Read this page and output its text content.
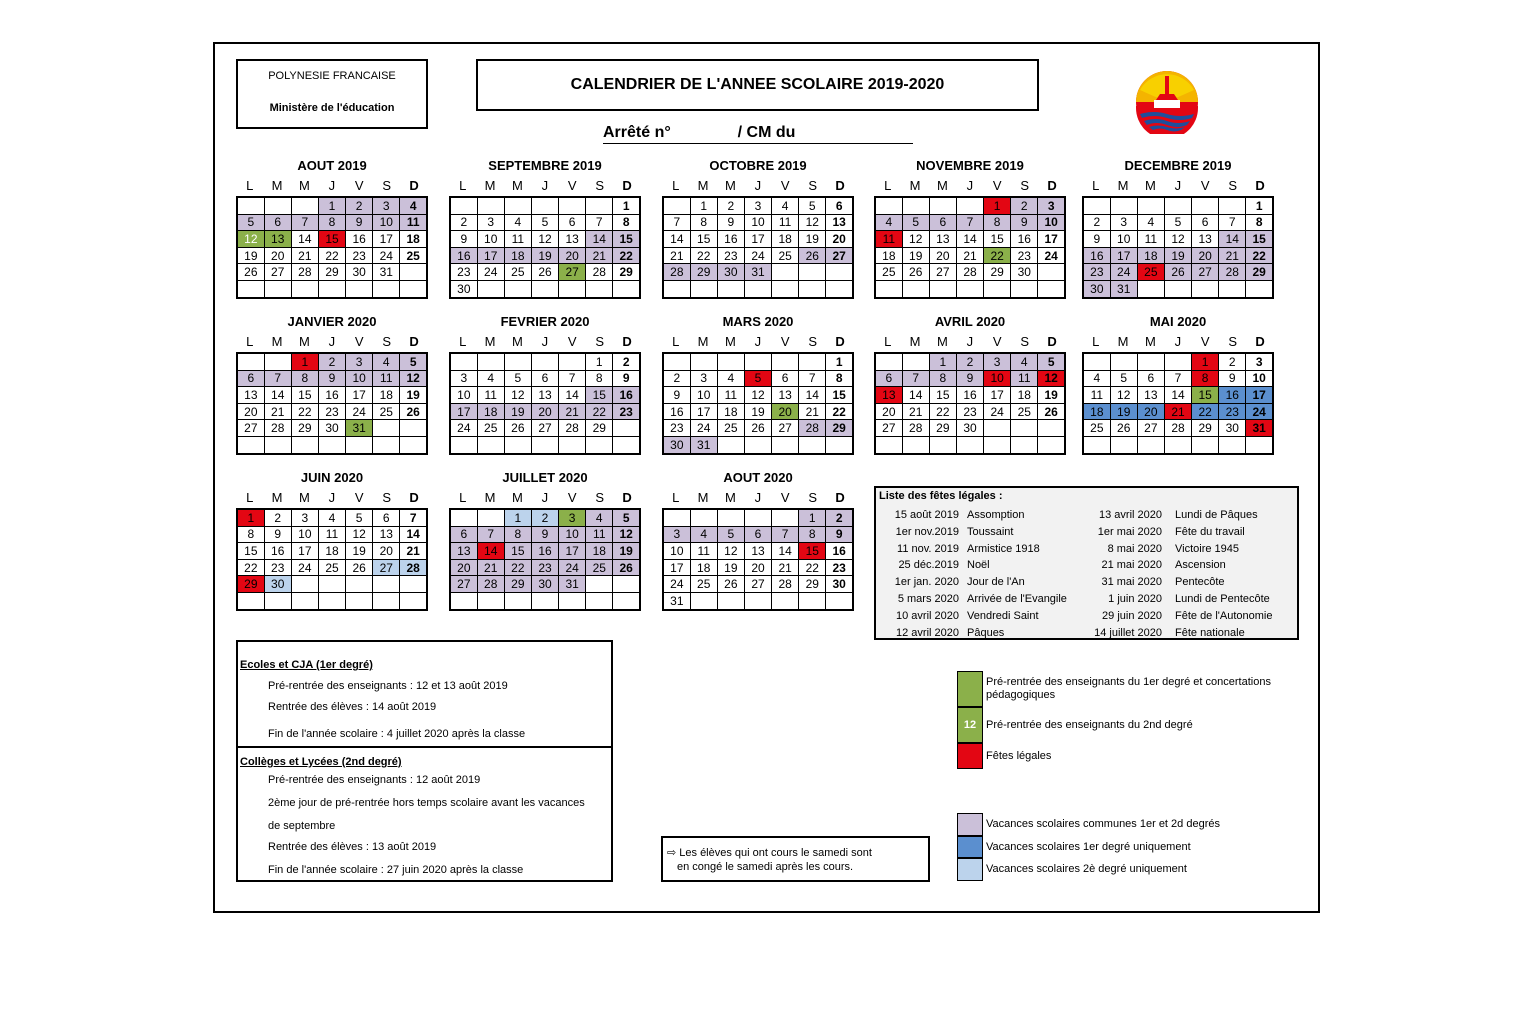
POLYNESIE FRANCAISE
Ministère de l'éducation
CALENDRIER DE L'ANNEE SCOLAIRE 2019-2020
Arrêté n°	/ CM du
AOUT 2019
L	M	M	J	V	S	D
			1	2	3	4
5	6	7	8	9	10	11
12	13	14	15	16	17	18
19	20	21	22	23	24	25
26	27	28	29	30	31	

SEPTEMBRE 2019
L	M	M	J	V	S	D
						1
2	3	4	5	6	7	8
9	10	11	12	13	14	15
16	17	18	19	20	21	22
23	24	25	26	27	28	29
30						
OCTOBRE 2019
L	M	M	J	V	S	D
	1	2	3	4	5	6
7	8	9	10	11	12	13
14	15	16	17	18	19	20
21	22	23	24	25	26	27
28	29	30	31			

NOVEMBRE 2019
L	M	M	J	V	S	D
				1	2	3
4	5	6	7	8	9	10
11	12	13	14	15	16	17
18	19	20	21	22	23	24
25	26	27	28	29	30	

DECEMBRE 2019
L	M	M	J	V	S	D
						1
2	3	4	5	6	7	8
9	10	11	12	13	14	15
16	17	18	19	20	21	22
23	24	25	26	27	28	29
30	31					
JANVIER 2020
L	M	M	J	V	S	D
		1	2	3	4	5
6	7	8	9	10	11	12
13	14	15	16	17	18	19
20	21	22	23	24	25	26
27	28	29	30	31		

FEVRIER 2020
L	M	M	J	V	S	D
					1	2
3	4	5	6	7	8	9
10	11	12	13	14	15	16
17	18	19	20	21	22	23
24	25	26	27	28	29	

MARS 2020
L	M	M	J	V	S	D
						1
2	3	4	5	6	7	8
9	10	11	12	13	14	15
16	17	18	19	20	21	22
23	24	25	26	27	28	29
30	31					
AVRIL 2020
L	M	M	J	V	S	D
		1	2	3	4	5
6	7	8	9	10	11	12
13	14	15	16	17	18	19
20	21	22	23	24	25	26
27	28	29	30			

MAI 2020
L	M	M	J	V	S	D
				1	2	3
4	5	6	7	8	9	10
11	12	13	14	15	16	17
18	19	20	21	22	23	24
25	26	27	28	29	30	31

JUIN 2020
L	M	M	J	V	S	D
1	2	3	4	5	6	7
8	9	10	11	12	13	14
15	16	17	18	19	20	21
22	23	24	25	26	27	28
29	30					

JUILLET 2020
L	M	M	J	V	S	D
		1	2	3	4	5
6	7	8	9	10	11	12
13	14	15	16	17	18	19
20	21	22	23	24	25	26
27	28	29	30	31		

AOUT 2020
L	M	M	J	V	S	D
					1	2
3	4	5	6	7	8	9
10	11	12	13	14	15	16
17	18	19	20	21	22	23
24	25	26	27	28	29	30
31						
Liste des fêtes légales :
15 août 2019 Assomption
1er nov.2019 Toussaint
11 nov. 2019 Armistice 1918
25 déc.2019 Noël
1er jan. 2020 Jour de l'An
5 mars 2020 Arrivée de l'Evangile
10 avril 2020 Vendredi Saint
12 avril 2020 Pâques
13 avril 2020 Lundi de Pâques
1er mai 2020 Fête du travail
8 mai 2020 Victoire 1945
21 mai 2020 Ascension
31 mai 2020 Pentecôte
1 juin 2020 Lundi de Pentecôte
29 juin 2020 Fête de l'Autonomie
14 juillet 2020 Fête nationale
Ecoles et CJA (1er degré)
Pré-rentrée des enseignants : 12 et 13 août 2019
Rentrée des élèves : 14 août 2019
Fin de l'année scolaire : 4 juillet 2020 après la classe
Collèges et Lycées (2nd degré)
Pré-rentrée des enseignants : 12 août 2019
2ème jour de pré-rentrée hors temps scolaire avant les vacances
de septembre
Rentrée des élèves : 13 août 2019
Fin de l'année scolaire : 27 juin 2020 après la classe
⇨ Les élèves qui ont cours le samedi sont
en congé le samedi après les cours.
12
Pré-rentrée des enseignants du 1er degré et concertations
pédagogiques
Pré-rentrée des enseignants du 2nd degré
Fêtes légales
Vacances scolaires communes 1er et 2d degrés
Vacances scolaires 1er degré uniquement
Vacances scolaires 2è degré uniquement
